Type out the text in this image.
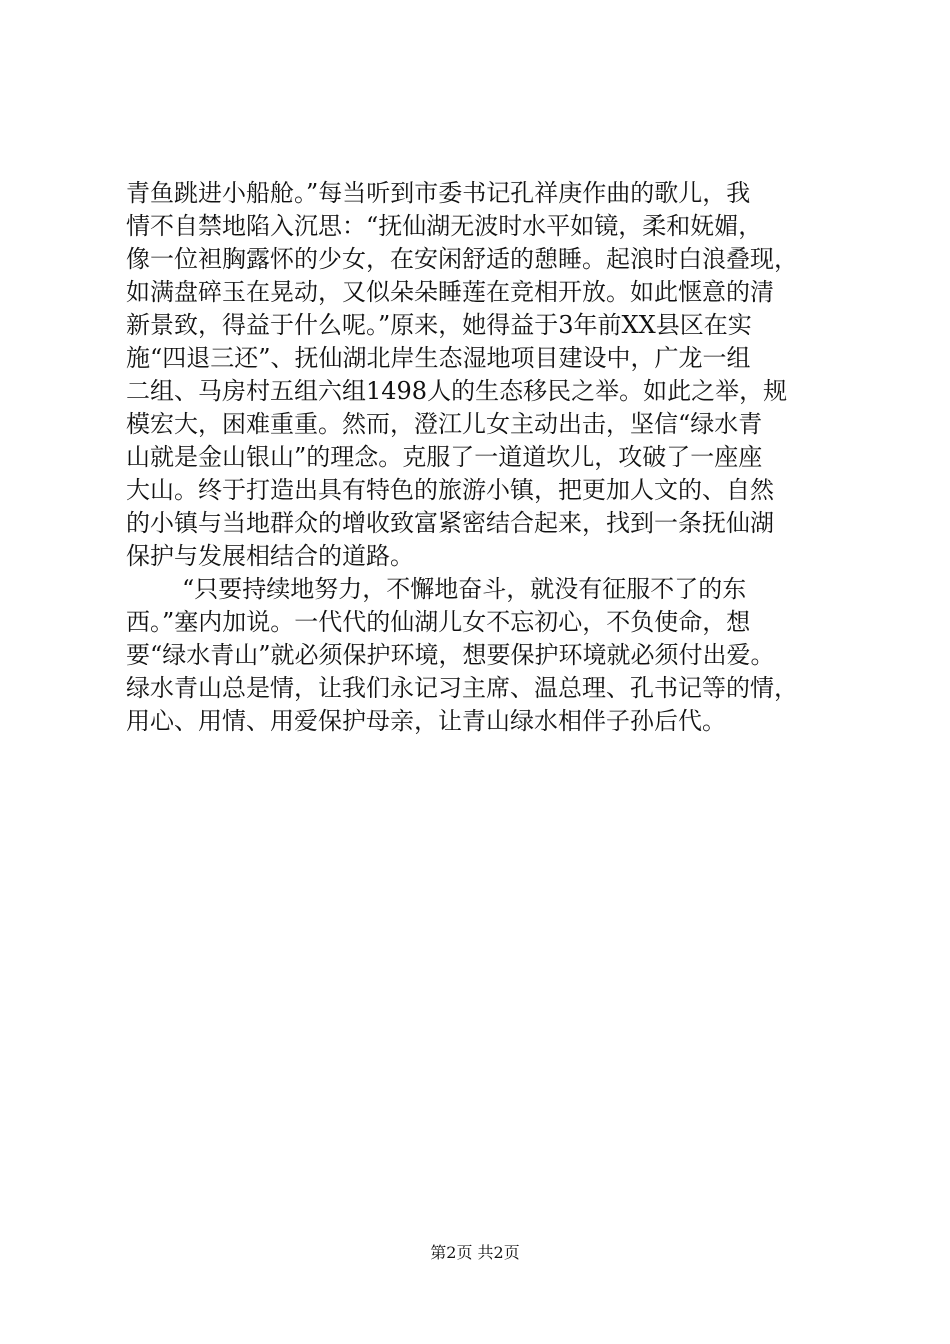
青鱼跳进小船舱。”每当听到市委书记孔祥庚作曲的歌儿，我
情不自禁地陷入沉思：“抚仙湖无波时水平如镜，柔和妩媚，
像一位袒胸露怀的少女，在安闲舒适的憩睡。起浪时白浪叠现，
如满盘碎玉在晃动，又似朵朵睡莲在竞相开放。如此惬意的清
新景致，得益于什么呢。”原来，她得益于3年前XX县区在实
施“四退三还”、抚仙湖北岸生态湿地项目建设中，广龙一组
二组、马房村五组六组1498人的生态移民之举。如此之举，规
模宏大，困难重重。然而，澄江儿女主动出击，坚信“绿水青
山就是金山银山”的理念。克服了一道道坎儿，攻破了一座座
大山。终于打造出具有特色的旅游小镇，把更加人文的、自然
的小镇与当地群众的增收致富紧密结合起来，找到一条抚仙湖
保护与发展相结合的道路。
“只要持续地努力，不懈地奋斗，就没有征服不了的东
西。”塞内加说。一代代的仙湖儿女不忘初心，不负使命，想
要“绿水青山”就必须保护环境，想要保护环境就必须付出爱。
绿水青山总是情，让我们永记习主席、温总理、孔书记等的情，
用心、用情、用爱保护母亲，让青山绿水相伴子孙后代。
第2页 共2页
